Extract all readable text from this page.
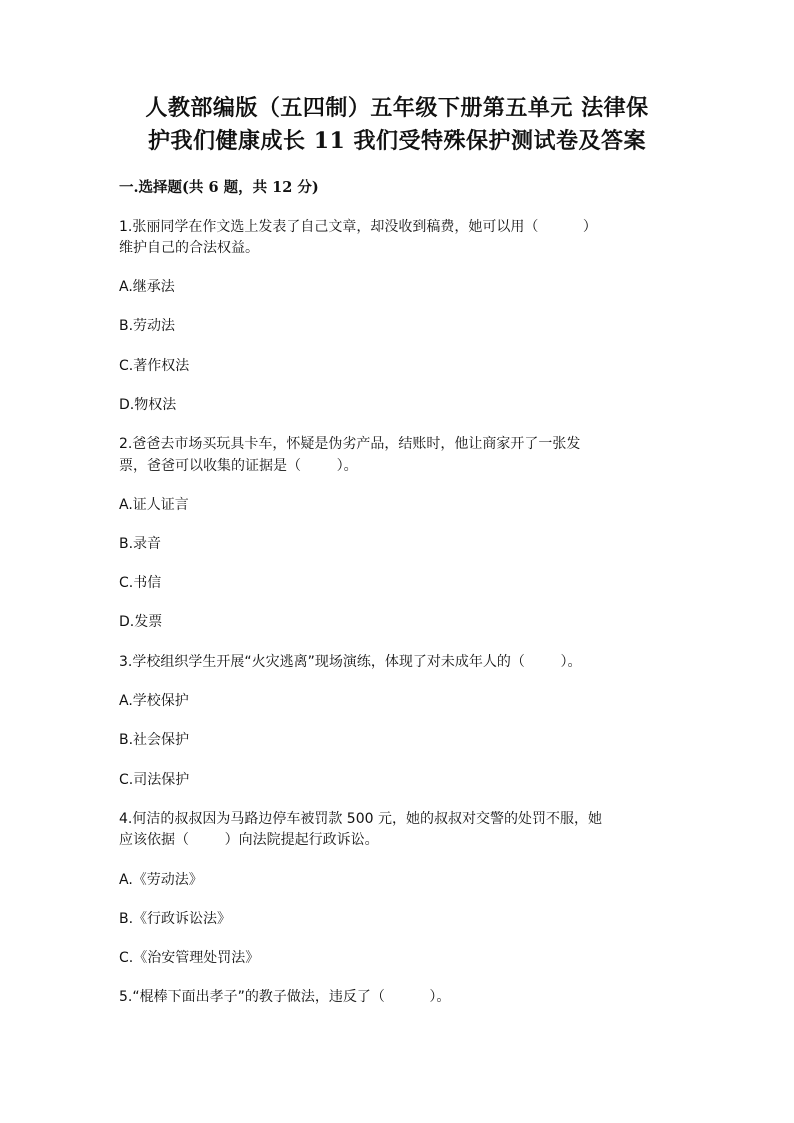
人教部编版（五四制）五年级下册第五单元 法律保
护我们健康成长 11 我们受特殊保护测试卷及答案
一.选择题(共 6 题，共 12 分)
1.张丽同学在作文选上发表了自己文章，却没收到稿费，她可以用（          ）
维护自己的合法权益。
A.继承法
B.劳动法
C.著作权法
D.物权法
2.爸爸去市场买玩具卡车，怀疑是伪劣产品，结账时，他让商家开了一张发
票，爸爸可以收集的证据是（        ）。
A.证人证言
B.录音
C.书信
D.发票
3.学校组织学生开展“火灾逃离”现场演练，体现了对未成年人的（        ）。
A.学校保护
B.社会保护
C.司法保护
4.何洁的叔叔因为马路边停车被罚款 500 元，她的叔叔对交警的处罚不服，她
应该依据（        ）向法院提起行政诉讼。
A.《劳动法》
B.《行政诉讼法》
C.《治安管理处罚法》
5.“棍棒下面出孝子”的教子做法，违反了（          ）。
